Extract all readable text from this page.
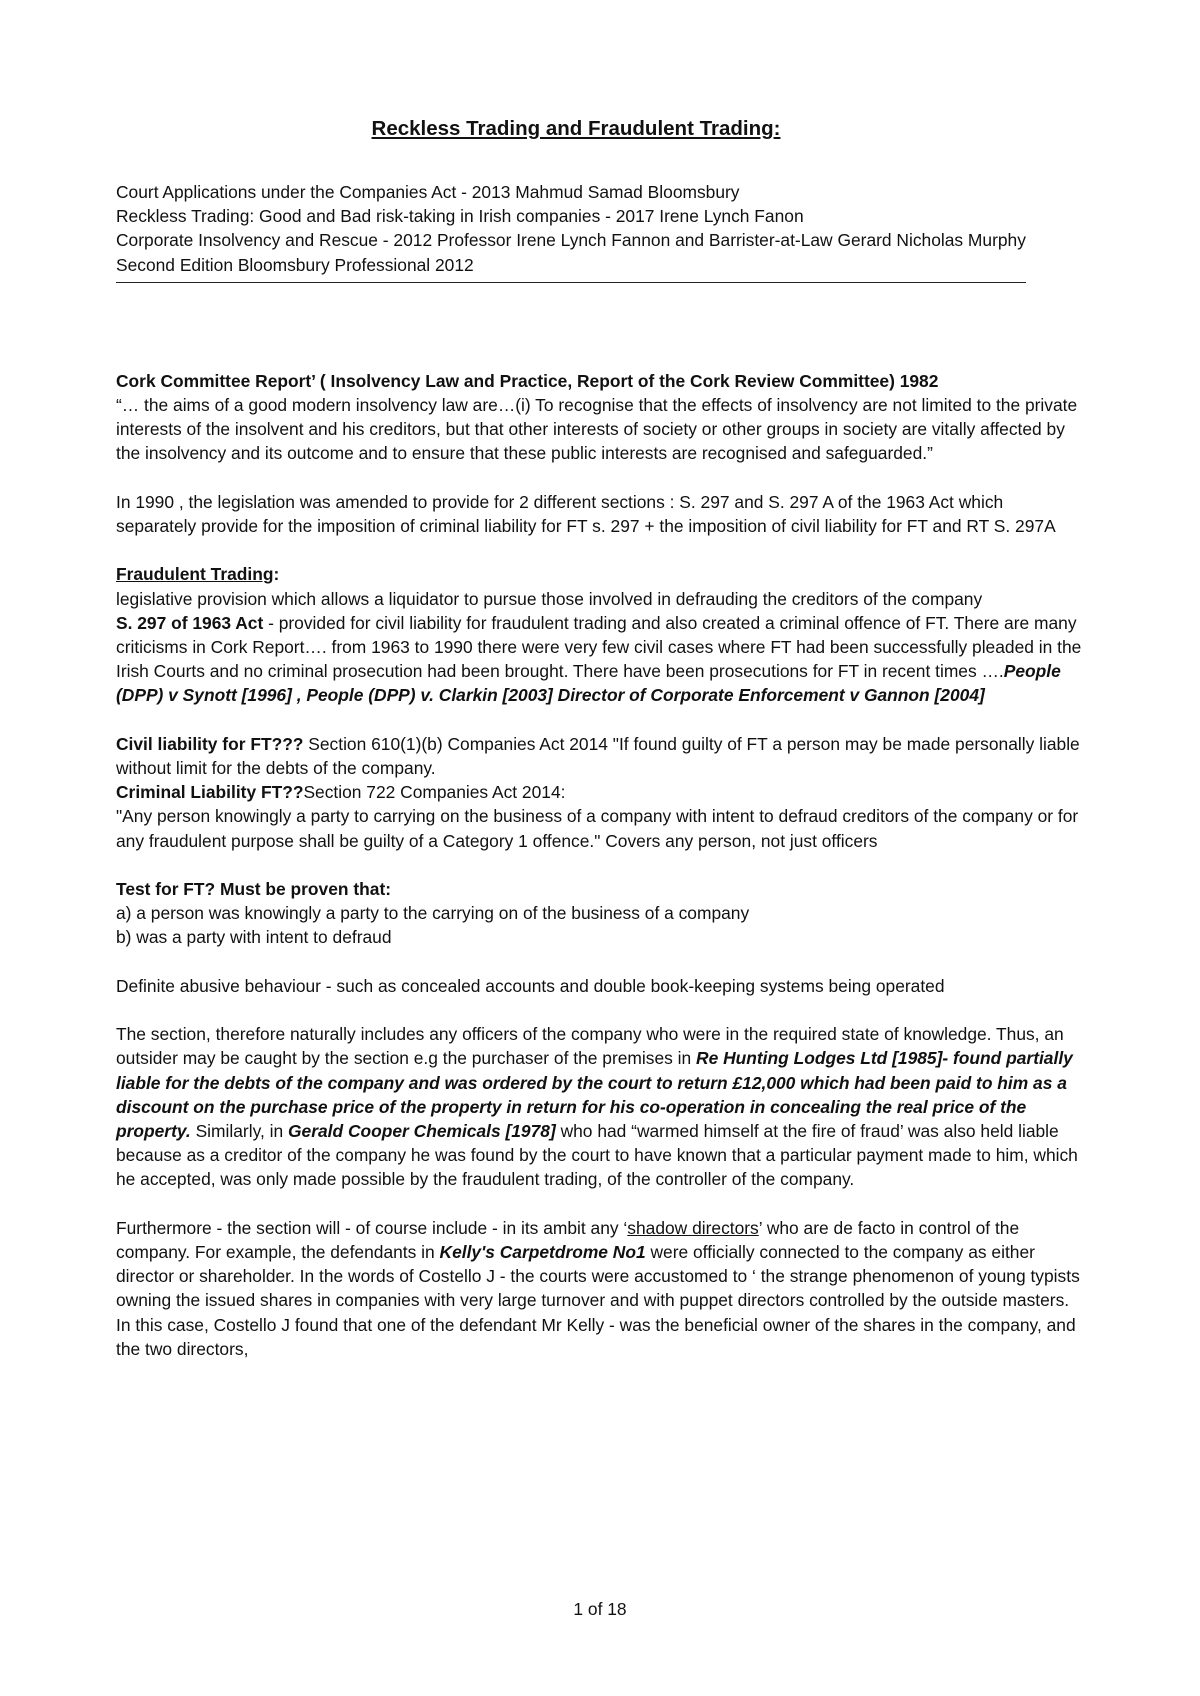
Reckless Trading and Fraudulent Trading:

Court Applications under the Companies Act - 2013 Mahmud Samad Bloomsbury

Reckless Trading: Good and Bad risk-taking in Irish companies - 2017 Irene Lynch Fanon

Corporate Insolvency and Rescue - 2012 Professor Irene Lynch Fannon and Barrister-at-Law Gerard Nicholas Murphy Second Edition Bloomsbury Professional 2012

Cork Committee Report’ ( Insolvency Law and Practice, Report of the Cork Review Committee) 1982
“… the aims of a good modern insolvency law are…(i) To recognise that the effects of insolvency are not limited to the private interests of the insolvent and his creditors, but that other interests of society or other groups in society are vitally affected by the insolvency and its outcome and to ensure that these public interests are recognised and safeguarded.”

In 1990 , the legislation was amended to provide for 2 different sections : S. 297 and S. 297 A of the 1963 Act which separately provide for the imposition of criminal liability for FT s. 297 + the imposition of civil liability for FT and RT S. 297A

Fraudulent Trading:
legislative provision which allows a liquidator to pursue those involved in defrauding the creditors of the company
S. 297 of 1963 Act - provided for civil liability for fraudulent trading and also created a criminal offence of FT. There are many criticisms in Cork Report…. from 1963 to 1990 there were very few civil cases where FT had been successfully pleaded in the Irish Courts and no criminal prosecution had been brought. There have been prosecutions for FT in recent times ….People (DPP) v Synott [1996] , People (DPP) v. Clarkin [2003] Director of Corporate Enforcement v Gannon [2004]

Civil liability for FT??? Section 610(1)(b) Companies Act 2014 "If found guilty of FT a person may be made personally liable without limit for the debts of the company.
Criminal Liability FT??Section 722 Companies Act 2014:
"Any person knowingly a party to carrying on the business of a company with intent to defraud creditors of the company or for any fraudulent purpose shall be guilty of a Category 1 offence." Covers any person, not just officers

Test for FT? Must be proven that:
a) a person was knowingly a party to the carrying on of the business of a company
b) was a party with intent to defraud

Definite abusive behaviour - such as concealed accounts and double book-keeping systems being operated

The section, therefore naturally includes any officers of the company who were in the required state of knowledge. Thus, an outsider may be caught by the section e.g the purchaser of the premises in Re Hunting Lodges Ltd [1985]- found partially liable for the debts of the company and was ordered by the court to return £12,000 which had been paid to him as a discount on the purchase price of the property in return for his co-operation in concealing the real price of the property. Similarly, in Gerald Cooper Chemicals [1978] who had “warmed himself at the fire of fraud’ was also held liable because as a creditor of the company he was found by the court to have known that a particular payment made to him, which he accepted, was only made possible by the fraudulent trading, of the controller of the company.

Furthermore - the section will - of course include - in its ambit any ‘shadow directors’ who are de facto in control of the company. For example, the defendants in Kelly's Carpetdrome No1 were officially connected to the company as either director or shareholder. In the words of Costello J - the courts were accustomed to ‘ the strange phenomenon of young typists owning the issued shares in companies with very large turnover and with puppet directors controlled by the outside masters. In this case, Costello J found that one of the defendant Mr Kelly - was the beneficial owner of the shares in the company, and the two directors,

1 of 18
